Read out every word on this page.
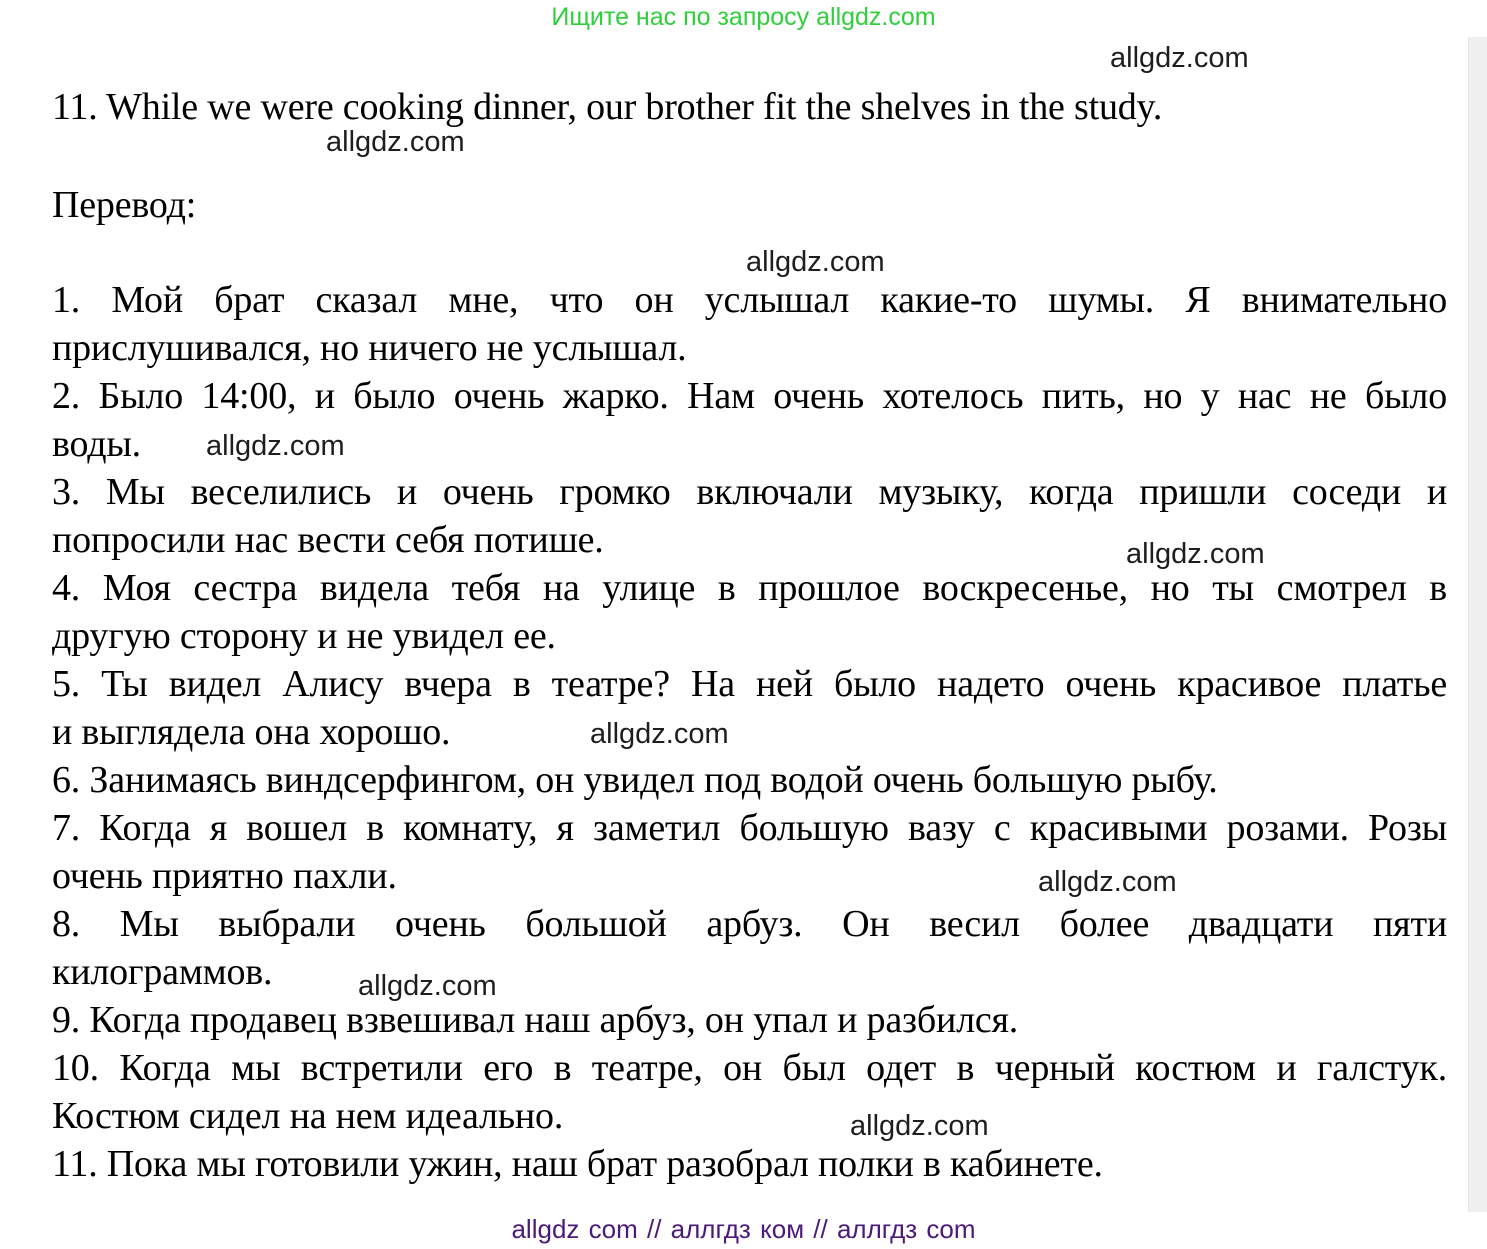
Ищите нас по запросу allgdz.com
11. While we were cooking dinner, our brother fit the shelves in the study.
Перевод:
1. Мой брат сказал мне, что он услышал какие-то шумы. Я внимательно
прислушивался, но ничего не услышал.
2. Было 14:00, и было очень жарко. Нам очень хотелось пить, но у нас не было
воды.
3. Мы веселились и очень громко включали музыку, когда пришли соседи и
попросили нас вести себя потише.
4. Моя сестра видела тебя на улице в прошлое воскресенье, но ты смотрел в
другую сторону и не увидел ее.
5. Ты видел Алису вчера в театре? На ней было надето очень красивое платье
и выглядела она хорошо.
6. Занимаясь виндсерфингом, он увидел под водой очень большую рыбу.
7. Когда я вошел в комнату, я заметил большую вазу с красивыми розами. Розы
очень приятно пахли.
8. Мы выбрали очень большой арбуз. Он весил более двадцати пяти
килограммов.
9. Когда продавец взвешивал наш арбуз, он упал и разбился.
10. Когда мы встретили его в театре, он был одет в черный костюм и галстук.
Костюм сидел на нем идеально.
11. Пока мы готовили ужин, наш брат разобрал полки в кабинете.
allgdz.com
allgdz.com
allgdz.com
allgdz.com
allgdz.com
allgdz.com
allgdz.com
allgdz.com
allgdz.com
allgdz com // аллгдз ком // аллгдз com
